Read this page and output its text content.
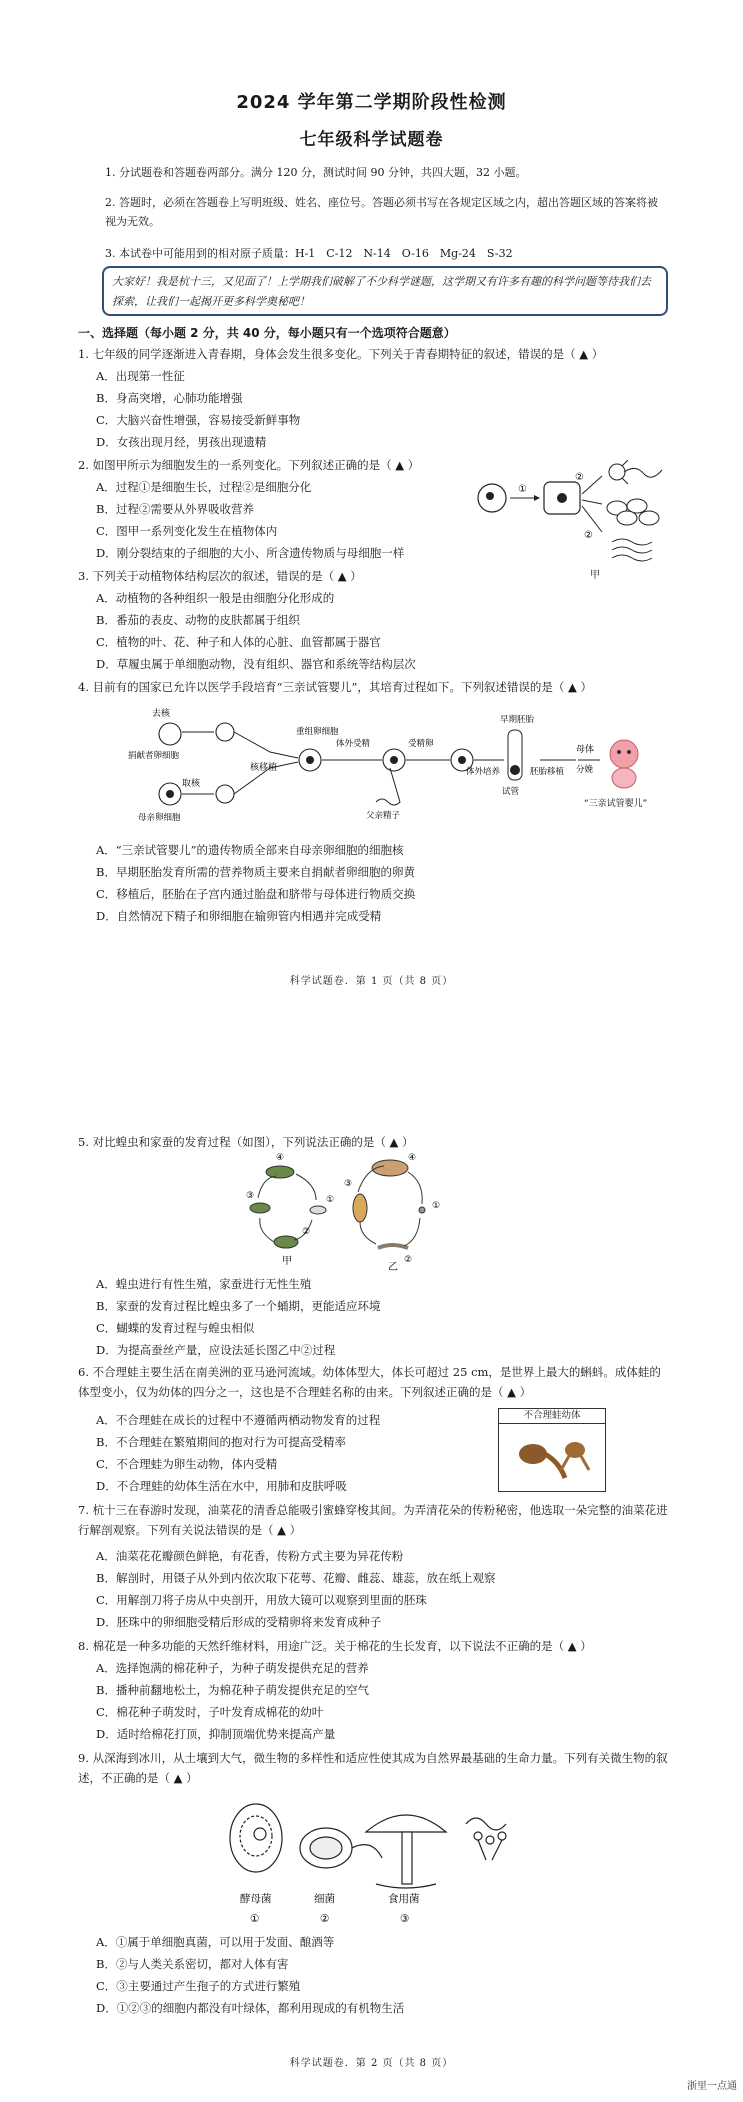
2024 学年第二学期阶段性检测
七年级科学试题卷
1. 分试题卷和答题卷两部分。满分 120 分，测试时间 90 分钟，共四大题，32 小题。
2. 答题时，必须在答题卷上写明班级、姓名、座位号。答题必须书写在各规定区域之内，超出答题区域的答案将被视为无效。
3. 本试卷中可能用到的相对原子质量：H-1　C-12　N-14　O-16　Mg-24　S-32
大家好！我是杭十三，又见面了！上学期我们破解了不少科学谜题，这学期又有许多有趣的科学问题等待我们去探索，让我们一起揭开更多科学奥秘吧！
一、选择题（每小题 2 分，共 40 分，每小题只有一个选项符合题意）
1. 七年级的同学逐渐进入青春期，身体会发生很多变化。下列关于青春期特征的叙述，错误的是（ ▲ ）
A．出现第一性征
B．身高突增，心肺功能增强
C．大脑兴奋性增强，容易接受新鲜事物
D．女孩出现月经，男孩出现遗精
2. 如图甲所示为细胞发生的一系列变化。下列叙述正确的是（ ▲ ）
A．过程①是细胞生长，过程②是细胞分化
B．过程②需要从外界吸收营养
C．图甲一系列变化发生在植物体内
D．刚分裂结束的子细胞的大小、所含遗传物质与母细胞一样
①
②
②
甲
3. 下列关于动植物体结构层次的叙述，错误的是（ ▲ ）
A．动植物的各种组织一般是由细胞分化形成的
B．番茄的表皮、动物的皮肤都属于组织
C．植物的叶、花、种子和人体的心脏、血管都属于器官
D．草履虫属于单细胞动物，没有组织、器官和系统等结构层次
4. 目前有的国家已允许以医学手段培育“三亲试管婴儿”，其培育过程如下。下列叙述错误的是（ ▲ ）
去核
捐献者卵细胞
取核
母亲卵细胞
核移植
重组卵细胞
体外受精	受精卵
父亲精子
早期胚胎
体外培养	胚胎移植
试管
母体
分娩
“三亲试管婴儿”
A．“三亲试管婴儿”的遗传物质全部来自母亲卵细胞的细胞核
B．早期胚胎发育所需的营养物质主要来自捐献者卵细胞的卵黄
C．移植后，胚胎在子宫内通过胎盘和脐带与母体进行物质交换
D．自然情况下精子和卵细胞在输卵管内相遇并完成受精
科学试题卷．第 1 页（共 8 页）
5. 对比蝗虫和家蚕的发育过程（如图），下列说法正确的是（ ▲ ）
④
③
②
①
④
③
②
①
甲
乙
A．蝗虫进行有性生殖，家蚕进行无性生殖
B．家蚕的发育过程比蝗虫多了一个蛹期，更能适应环境
C．蝴蝶的发育过程与蝗虫相似
D．为提高蚕丝产量，应设法延长图乙中②过程
6. 不合理蛙主要生活在南美洲的亚马逊河流域。幼体体型大，体长可超过 25 cm，是世界上最大的蝌蚪。成体蛙的体型变小，仅为幼体的四分之一，这也是不合理蛙名称的由来。下列叙述正确的是（ ▲ ）
A．不合理蛙在成长的过程中不遵循两栖动物发育的过程
B．不合理蛙在繁殖期间的抱对行为可提高受精率
C．不合理蛙为卵生动物，体内受精
D．不合理蛙的幼体生活在水中，用肺和皮肤呼吸
不合理蛙幼体
7. 杭十三在春游时发现，油菜花的清香总能吸引蜜蜂穿梭其间。为弄清花朵的传粉秘密，他选取一朵完整的油菜花进行解剖观察。下列有关说法错误的是（ ▲ ）
A．油菜花花瓣颜色鲜艳，有花香，传粉方式主要为异花传粉
B．解剖时，用镊子从外到内依次取下花萼、花瓣、雌蕊、雄蕊，放在纸上观察
C．用解剖刀将子房从中央剖开，用放大镜可以观察到里面的胚珠
D．胚珠中的卵细胞受精后形成的受精卵将来发育成种子
8. 棉花是一种多功能的天然纤维材料，用途广泛。关于棉花的生长发育，以下说法不正确的是（ ▲ ）
A．选择饱满的棉花种子，为种子萌发提供充足的营养
B．播种前翻地松土，为棉花种子萌发提供充足的空气
C．棉花种子萌发时，子叶发育成棉花的幼叶
D．适时给棉花打顶，抑制顶端优势来提高产量
9. 从深海到冰川，从土壤到大气，微生物的多样性和适应性使其成为自然界最基础的生命力量。下列有关微生物的叙述，不正确的是（ ▲ ）
酵母菌
①
细菌
②
食用菌
③
A．①属于单细胞真菌，可以用于发面、酿酒等
B．②与人类关系密切，都对人体有害
C．③主要通过产生孢子的方式进行繁殖
D．①②③的细胞内都没有叶绿体，都利用现成的有机物生活
科学试题卷．第 2 页（共 8 页）
浙里一点通
